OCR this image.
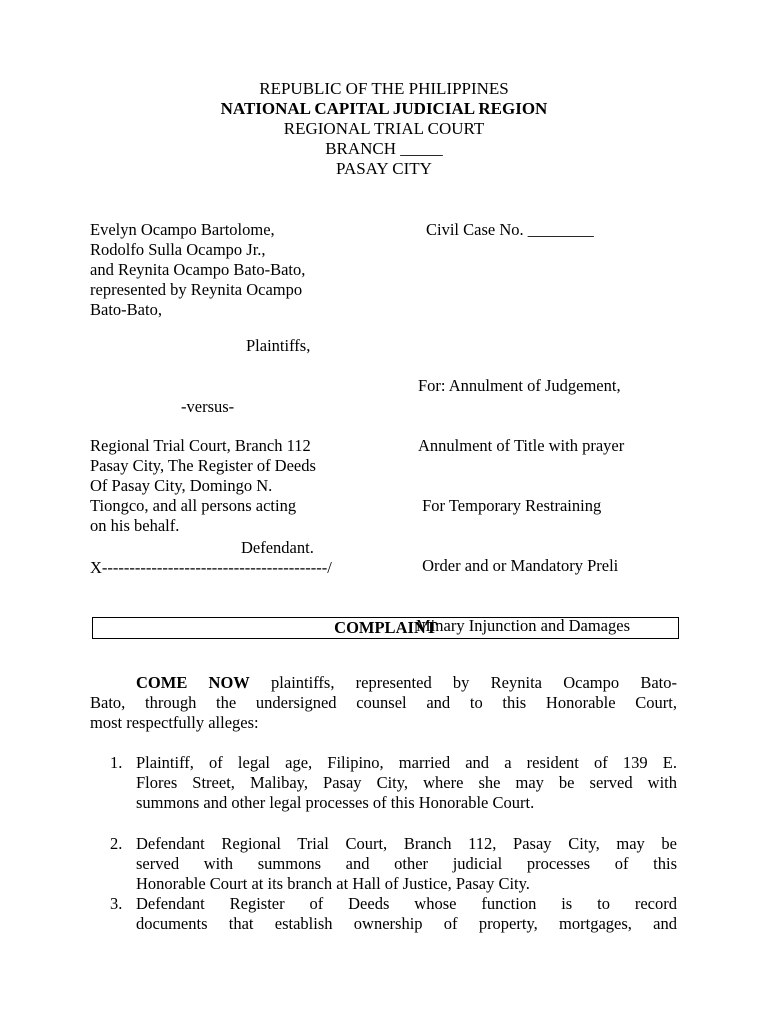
REPUBLIC OF THE PHILIPPINES
NATIONAL CAPITAL JUDICIAL REGION
REGIONAL TRIAL COURT
BRANCH _____
PASAY CITY
Evelyn Ocampo Bartolome,
Rodolfo Sulla Ocampo Jr.,
and Reynita Ocampo Bato-Bato,
represented by Reynita Ocampo
Bato-Bato,
Civil Case No. ________
Plaintiffs,

For: Annulment of Judgement,

Annulment of Title with prayer

For Temporary Restraining

Order and or Mandatory Preli

Minary Injunction and Damages

-versus-
Regional Trial Court, Branch 112
Pasay City, The Register of Deeds
Of Pasay City, Domingo N.
Tiongco, and all persons acting
on his behalf.
Defendant.
X-----------------------------------------/
COMPLAINT
COME NOW plaintiffs, represented by Reynita Ocampo Bato-
Bato, through the undersigned counsel and to this Honorable Court,
most respectfully alleges:
1. Plaintiff, of legal age, Filipino, married and a resident of 139 E.
Flores Street, Malibay, Pasay City, where she may be served with
summons and other legal processes of this Honorable Court.
2. Defendant Regional Trial Court, Branch 112, Pasay City, may be
served with summons and other judicial processes of this
Honorable Court at its branch at Hall of Justice, Pasay City.
3. Defendant Register of Deeds whose function is to record
documents that establish ownership of property, mortgages, and
